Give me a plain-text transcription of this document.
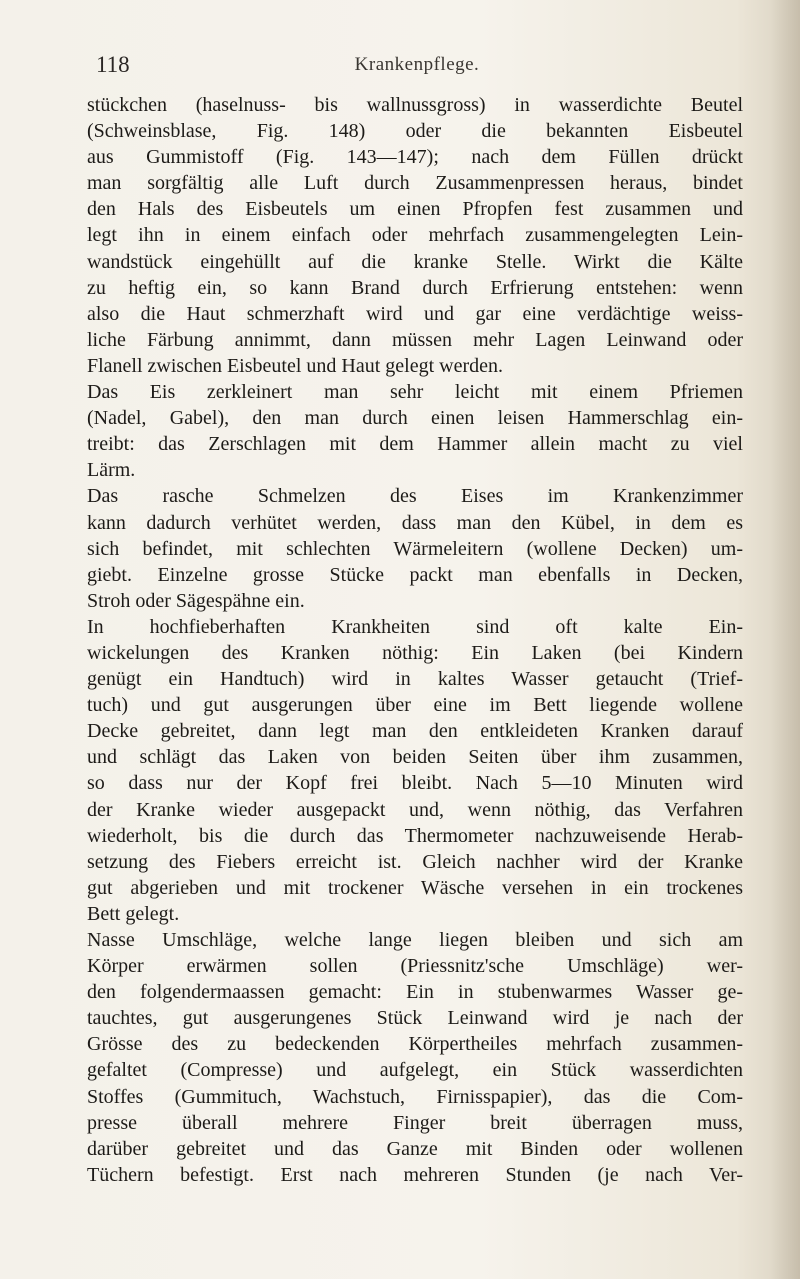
118	Krankenpflege.
stückchen (haselnuss- bis wallnussgross) in wasserdichte Beutel
(Schweinsblase, Fig. 148) oder die bekannten Eisbeutel
aus Gummistoff (Fig. 143—147); nach dem Füllen drückt
man sorgfältig alle Luft durch Zusammenpressen heraus, bindet
den Hals des Eisbeutels um einen Pfropfen fest zusammen und
legt ihn in einem einfach oder mehrfach zusammengelegten Lein-
wandstück eingehüllt auf die kranke Stelle. Wirkt die Kälte
zu heftig ein, so kann Brand durch Erfrierung entstehen: wenn
also die Haut schmerzhaft wird und gar eine verdächtige weiss-
liche Färbung annimmt, dann müssen mehr Lagen Leinwand oder
Flanell zwischen Eisbeutel und Haut gelegt werden.
Das Eis zerkleinert man sehr leicht mit einem Pfriemen
(Nadel, Gabel), den man durch einen leisen Hammerschlag ein-
treibt: das Zerschlagen mit dem Hammer allein macht zu viel
Lärm.
Das rasche Schmelzen des Eises im Krankenzimmer
kann dadurch verhütet werden, dass man den Kübel, in dem es
sich befindet, mit schlechten Wärmeleitern (wollene Decken) um-
giebt. Einzelne grosse Stücke packt man ebenfalls in Decken,
Stroh oder Sägespähne ein.
In hochfieberhaften Krankheiten sind oft kalte Ein-
wickelungen des Kranken nöthig: Ein Laken (bei Kindern
genügt ein Handtuch) wird in kaltes Wasser getaucht (Trief-
tuch) und gut ausgerungen über eine im Bett liegende wollene
Decke gebreitet, dann legt man den entkleideten Kranken darauf
und schlägt das Laken von beiden Seiten über ihm zusammen,
so dass nur der Kopf frei bleibt. Nach 5—10 Minuten wird
der Kranke wieder ausgepackt und, wenn nöthig, das Verfahren
wiederholt, bis die durch das Thermometer nachzuweisende Herab-
setzung des Fiebers erreicht ist. Gleich nachher wird der Kranke
gut abgerieben und mit trockener Wäsche versehen in ein trockenes
Bett gelegt.
Nasse Umschläge, welche lange liegen bleiben und sich am
Körper erwärmen sollen (Priessnitz'sche Umschläge) wer-
den folgendermaassen gemacht: Ein in stubenwarmes Wasser ge-
tauchtes, gut ausgerungenes Stück Leinwand wird je nach der
Grösse des zu bedeckenden Körpertheiles mehrfach zusammen-
gefaltet (Compresse) und aufgelegt, ein Stück wasserdichten
Stoffes (Gummituch, Wachstuch, Firnisspapier), das die Com-
presse überall mehrere Finger breit überragen muss,
darüber gebreitet und das Ganze mit Binden oder wollenen
Tüchern befestigt. Erst nach mehreren Stunden (je nach Ver-
